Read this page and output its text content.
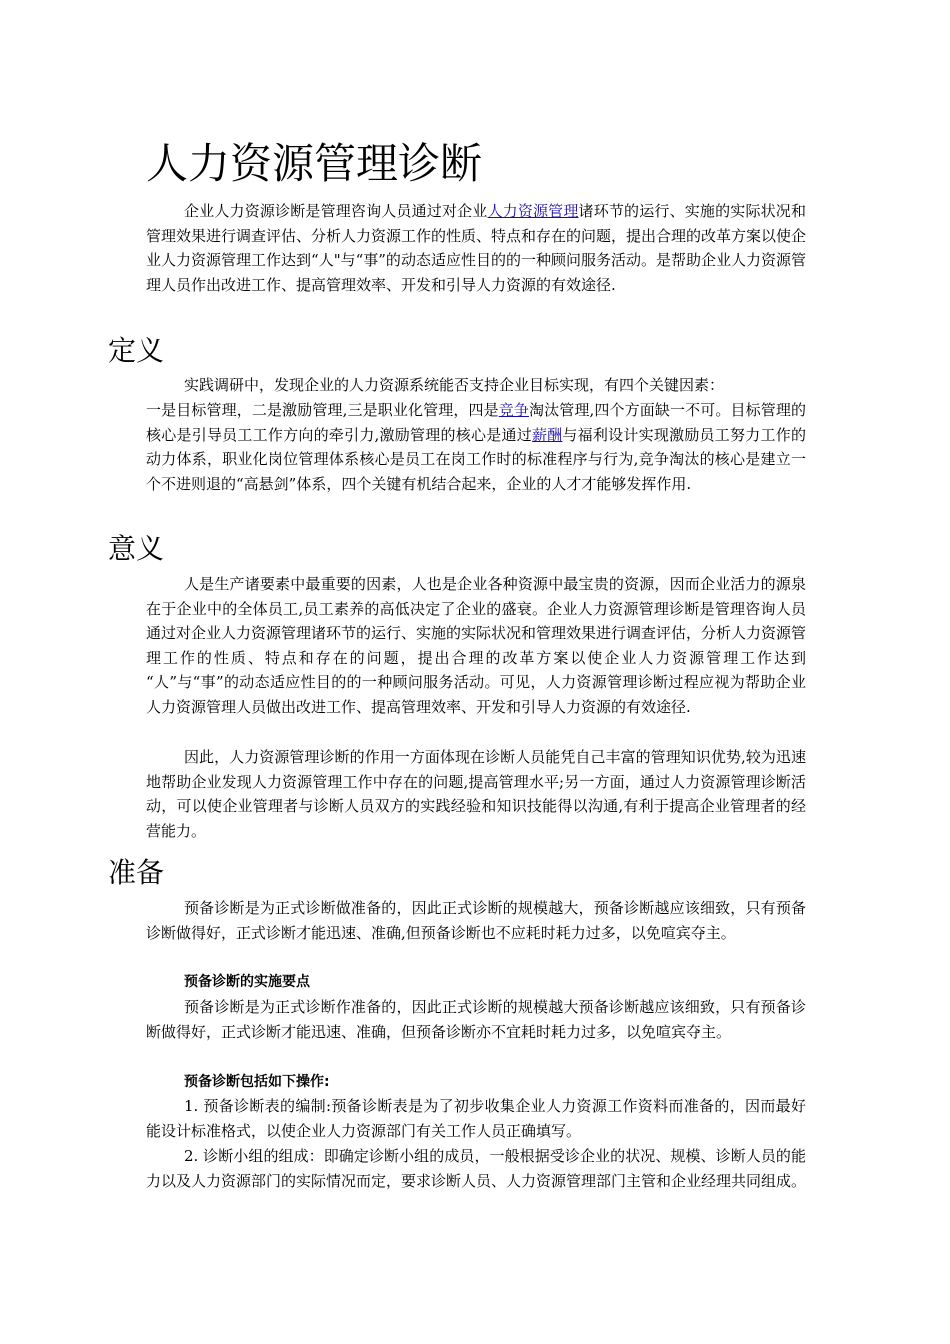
人力资源管理诊断

企业人力资源诊断是管理咨询人员通过对企业人力资源管理诸环节的运行、实施的实际状况和管理效果进行调查评估、分析人力资源工作的性质、特点和存在的问题，提出合理的改革方案以使企业人力资源管理工作达到“人"与“事”的动态适应性目的的一种顾问服务活动。是帮助企业人力资源管理人员作出改进工作、提高管理效率、开发和引导人力资源的有效途径.

定义

实践调研中，发现企业的人力资源系统能否支持企业目标实现，有四个关键因素：

一是目标管理，二是激励管理,三是职业化管理，四是竞争淘汰管理,四个方面缺一不可。目标管理的核心是引导员工工作方向的牵引力,激励管理的核心是通过薪酬与福利设计实现激励员工努力工作的动力体系，职业化岗位管理体系核心是员工在岗工作时的标准程序与行为,竞争淘汰的核心是建立一个不进则退的“高悬剑”体系，四个关键有机结合起来，企业的人才才能够发挥作用.

意义

人是生产诸要素中最重要的因素，人也是企业各种资源中最宝贵的资源，因而企业活力的源泉在于企业中的全体员工,员工素养的高低决定了企业的盛衰。企业人力资源管理诊断是管理咨询人员通过对企业人力资源管理诸环节的运行、实施的实际状况和管理效果进行调查评估，分析人力资源管理工作的性质、特点和存在的问题，提出合理的改革方案以使企业人力资源管理工作达到 “人”与“事”的动态适应性目的的一种顾问服务活动。可见，人力资源管理诊断过程应视为帮助企业人力资源管理人员做出改进工作、提高管理效率、开发和引导人力资源的有效途径.

因此，人力资源管理诊断的作用一方面体现在诊断人员能凭自己丰富的管理知识优势,较为迅速地帮助企业发现人力资源管理工作中存在的问题,提高管理水平;另一方面，通过人力资源管理诊断活动，可以使企业管理者与诊断人员双方的实践经验和知识技能得以沟通,有利于提高企业管理者的经营能力。

准备

预备诊断是为正式诊断做准备的，因此正式诊断的规模越大，预备诊断越应该细致，只有预备诊断做得好，正式诊断才能迅速、准确,但预备诊断也不应耗时耗力过多，以免喧宾夺主。

预备诊断的实施要点

预备诊断是为正式诊断作准备的，因此正式诊断的规模越大预备诊断越应该细致，只有预备诊断做得好，正式诊断才能迅速、准确，但预备诊断亦不宜耗时耗力过多，以免喧宾夺主。

预备诊断包括如下操作:

1. 预备诊断表的编制:预备诊断表是为了初步收集企业人力资源工作资料而准备的，因而最好能设计标准格式，以使企业人力资源部门有关工作人员正确填写。

2. 诊断小组的组成：即确定诊断小组的成员，一般根据受诊企业的状况、规模、诊断人员的能力以及人力资源部门的实际情况而定，要求诊断人员、人力资源管理部门主管和企业经理共同组成。
